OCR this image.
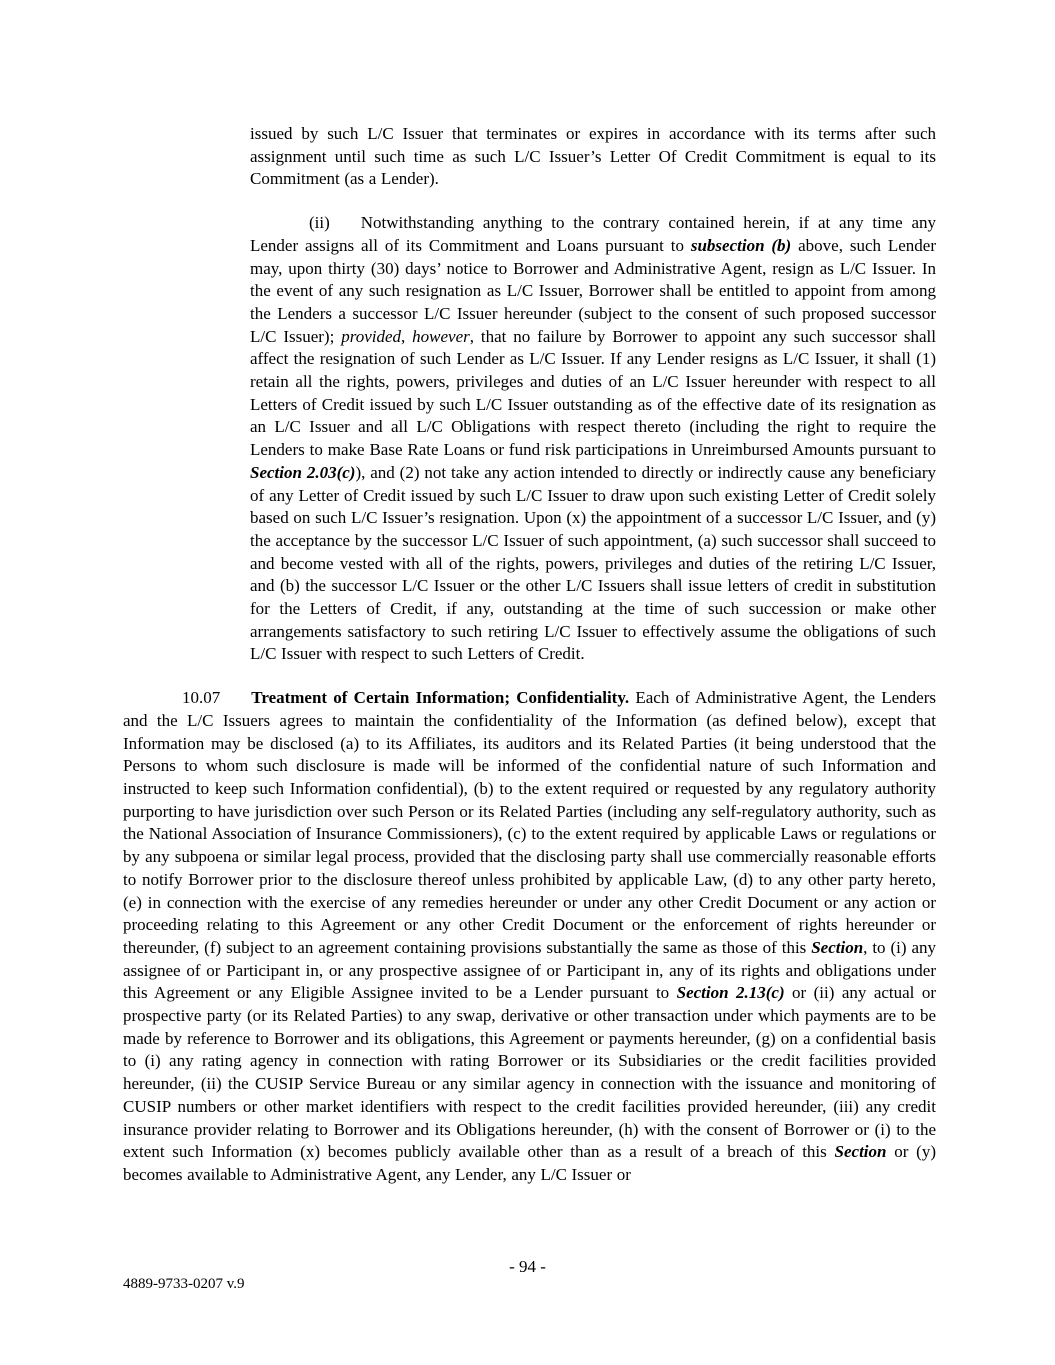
issued by such L/C Issuer that terminates or expires in accordance with its terms after such assignment until such time as such L/C Issuer’s Letter Of Credit Commitment is equal to its Commitment (as a Lender).

(ii) Notwithstanding anything to the contrary contained herein, if at any time any Lender assigns all of its Commitment and Loans pursuant to subsection (b) above, such Lender may, upon thirty (30) days’ notice to Borrower and Administrative Agent, resign as L/C Issuer. In the event of any such resignation as L/C Issuer, Borrower shall be entitled to appoint from among the Lenders a successor L/C Issuer hereunder (subject to the consent of such proposed successor L/C Issuer); provided, however, that no failure by Borrower to appoint any such successor shall affect the resignation of such Lender as L/C Issuer. If any Lender resigns as L/C Issuer, it shall (1) retain all the rights, powers, privileges and duties of an L/C Issuer hereunder with respect to all Letters of Credit issued by such L/C Issuer outstanding as of the effective date of its resignation as an L/C Issuer and all L/C Obligations with respect thereto (including the right to require the Lenders to make Base Rate Loans or fund risk participations in Unreimbursed Amounts pursuant to Section 2.03(c)), and (2) not take any action intended to directly or indirectly cause any beneficiary of any Letter of Credit issued by such L/C Issuer to draw upon such existing Letter of Credit solely based on such L/C Issuer’s resignation. Upon (x) the appointment of a successor L/C Issuer, and (y) the acceptance by the successor L/C Issuer of such appointment, (a) such successor shall succeed to and become vested with all of the rights, powers, privileges and duties of the retiring L/C Issuer, and (b) the successor L/C Issuer or the other L/C Issuers shall issue letters of credit in substitution for the Letters of Credit, if any, outstanding at the time of such succession or make other arrangements satisfactory to such retiring L/C Issuer to effectively assume the obligations of such L/C Issuer with respect to such Letters of Credit.

10.07 Treatment of Certain Information; Confidentiality. Each of Administrative Agent, the Lenders and the L/C Issuers agrees to maintain the confidentiality of the Information (as defined below), except that Information may be disclosed (a) to its Affiliates, its auditors and its Related Parties (it being understood that the Persons to whom such disclosure is made will be informed of the confidential nature of such Information and instructed to keep such Information confidential), (b) to the extent required or requested by any regulatory authority purporting to have jurisdiction over such Person or its Related Parties (including any self-regulatory authority, such as the National Association of Insurance Commissioners), (c) to the extent required by applicable Laws or regulations or by any subpoena or similar legal process, provided that the disclosing party shall use commercially reasonable efforts to notify Borrower prior to the disclosure thereof unless prohibited by applicable Law, (d) to any other party hereto, (e) in connection with the exercise of any remedies hereunder or under any other Credit Document or any action or proceeding relating to this Agreement or any other Credit Document or the enforcement of rights hereunder or thereunder, (f) subject to an agreement containing provisions substantially the same as those of this Section, to (i) any assignee of or Participant in, or any prospective assignee of or Participant in, any of its rights and obligations under this Agreement or any Eligible Assignee invited to be a Lender pursuant to Section 2.13(c) or (ii) any actual or prospective party (or its Related Parties) to any swap, derivative or other transaction under which payments are to be made by reference to Borrower and its obligations, this Agreement or payments hereunder, (g) on a confidential basis to (i) any rating agency in connection with rating Borrower or its Subsidiaries or the credit facilities provided hereunder, (ii) the CUSIP Service Bureau or any similar agency in connection with the issuance and monitoring of CUSIP numbers or other market identifiers with respect to the credit facilities provided hereunder, (iii) any credit insurance provider relating to Borrower and its Obligations hereunder, (h) with the consent of Borrower or (i) to the extent such Information (x) becomes publicly available other than as a result of a breach of this Section or (y) becomes available to Administrative Agent, any Lender, any L/C Issuer or

- 94 -
4889-9733-0207 v.9
